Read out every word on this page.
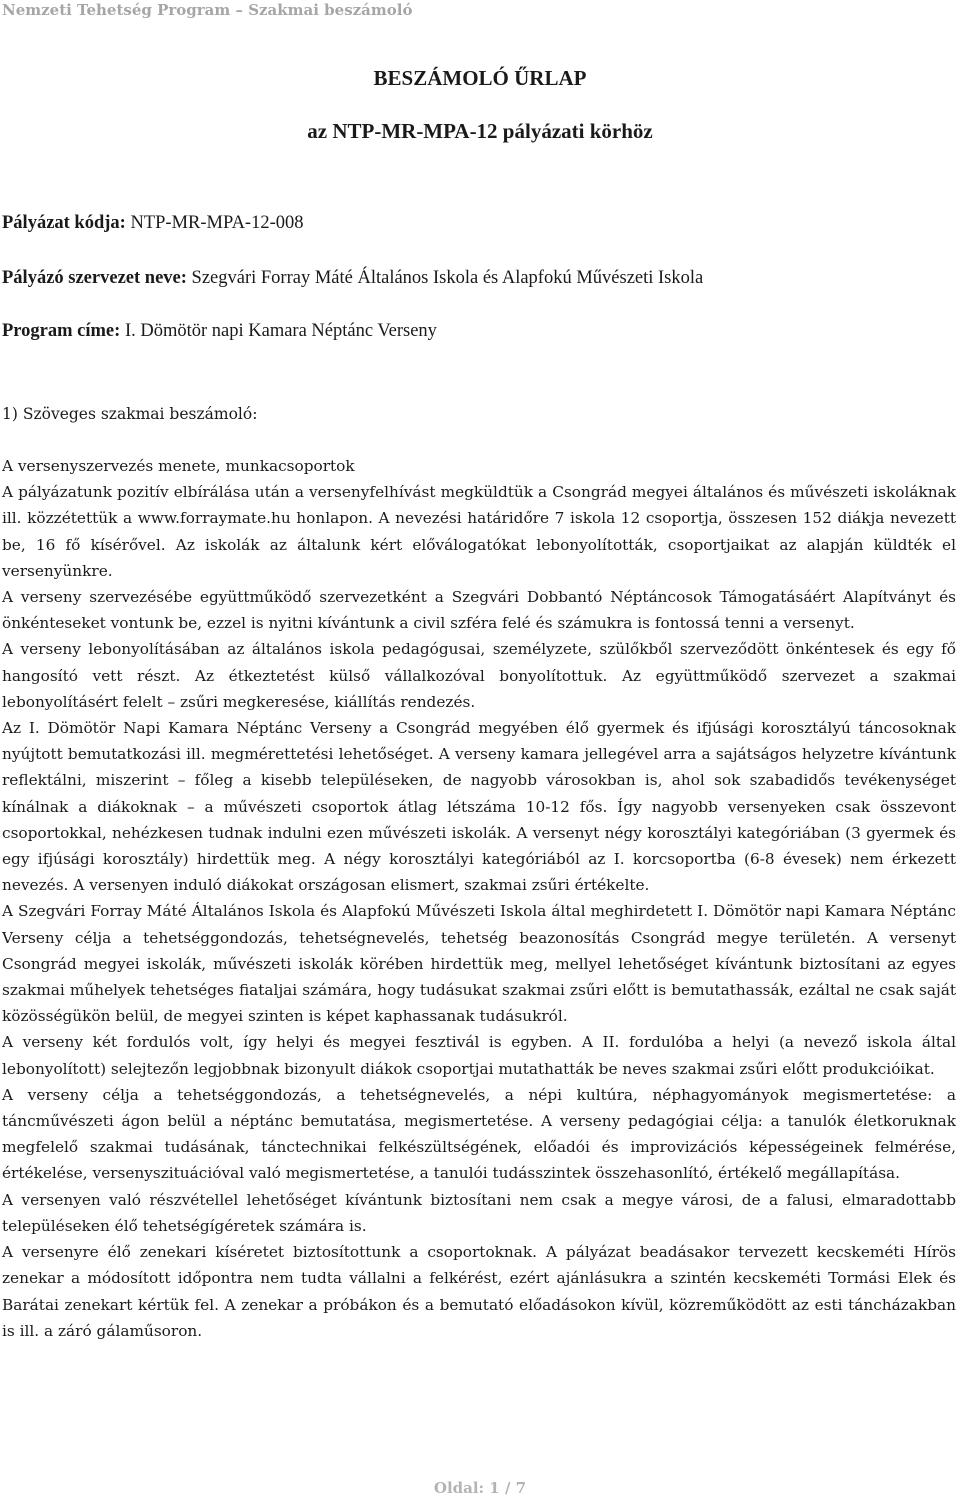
Nemzeti Tehetség Program – Szakmai beszámoló
BESZÁMOLÓ ŰRLAP
az NTP-MR-MPA-12 pályázati körhöz
Pályázat kódja: NTP-MR-MPA-12-008
Pályázó szervezet neve: Szegvári Forray Máté Általános Iskola és Alapfokú Művészeti Iskola
Program címe: I. Dömötör napi Kamara Néptánc Verseny
1) Szöveges szakmai beszámoló:

A versenyszervezés menete, munkacsoportok

A pályázatunk pozitív elbírálása után a versenyfelhívást megküldtük a Csongrád megyei általános és művészeti iskoláknak ill. közzétettük a www.forraymate.hu honlapon. A nevezési határidőre 7 iskola 12 csoportja, összesen 152 diákja nevezett be, 16 fő kísérővel. Az iskolák az általunk kért előválogatókat lebonyolították, csoportjaikat az alapján küldték el versenyünkre.

A verseny szervezésébe együttműködő szervezetként a Szegvári Dobbantó Néptáncosok Támogatásáért Alapítványt és önkénteseket vontunk be, ezzel is nyitni kívántunk a civil szféra felé és számukra is fontossá tenni a versenyt.

A verseny lebonyolításában az általános iskola pedagógusai, személyzete, szülőkből szerveződött önkéntesek és egy fő hangosító vett részt. Az étkeztetést külső vállalkozóval bonyolítottuk. Az együttműködő szervezet a szakmai lebonyolításért felelt – zsűri megkeresése, kiállítás rendezés.

Az I. Dömötör Napi Kamara Néptánc Verseny a Csongrád megyében élő gyermek és ifjúsági korosztályú táncosoknak nyújtott bemutatkozási ill. megmérettetési lehetőséget. A verseny kamara jellegével arra a sajátságos helyzetre kívántunk reflektálni, miszerint – főleg a kisebb településeken, de nagyobb városokban is, ahol sok szabadidős tevékenységet kínálnak a diákoknak – a művészeti csoportok átlag létszáma 10-12 fős. Így nagyobb versenyeken csak összevont csoportokkal, nehézkesen tudnak indulni ezen művészeti iskolák. A versenyt négy korosztályi kategóriában (3 gyermek és egy ifjúsági korosztály) hirdettük meg. A négy korosztályi kategóriából az I. korcsoportba (6-8 évesek) nem érkezett nevezés. A versenyen induló diákokat országosan elismert, szakmai zsűri értékelte.

A Szegvári Forray Máté Általános Iskola és Alapfokú Művészeti Iskola által meghirdetett I. Dömötör napi Kamara Néptánc Verseny célja a tehetséggondozás, tehetségnevelés, tehetség beazonosítás Csongrád megye területén. A versenyt Csongrád megyei iskolák, művészeti iskolák körében hirdettük meg, mellyel lehetőséget kívántunk biztosítani az egyes szakmai műhelyek tehetséges fiataljai számára, hogy tudásukat szakmai zsűri előtt is bemutathassák, ezáltal ne csak saját közösségükön belül, de megyei szinten is képet kaphassanak tudásukról.

A verseny két fordulós volt, így helyi és megyei fesztivál is egyben. A II. fordulóba a helyi (a nevező iskola által lebonyolított) selejtezőn legjobbnak bizonyult diákok csoportjai mutathatták be neves szakmai zsűri előtt produkcióikat.

A verseny célja a tehetséggondozás, a tehetségnevelés, a népi kultúra, néphagyományok megismertetése: a táncművészeti ágon belül a néptánc bemutatása, megismertetése. A verseny pedagógiai célja: a tanulók életkoruknak megfelelő szakmai tudásának, tánctechnikai felkészültségének, előadói és improvizációs képességeinek felmérése, értékelése, versenyszituációval való megismertetése, a tanulói tudásszintek összehasonlító, értékelő megállapítása.

A versenyen való részvétellel lehetőséget kívántunk biztosítani nem csak a megye városi, de a falusi, elmaradottabb településeken élő tehetségígéretek számára is.

A versenyre élő zenekari kíséretet biztosítottunk a csoportoknak. A pályázat beadásakor tervezett kecskeméti Hírös zenekar a módosított időpontra nem tudta vállalni a felkérést, ezért ajánlásukra a szintén kecskeméti Tormási Elek és Barátai zenekart kértük fel. A zenekar a próbákon és a bemutató előadásokon kívül, közreműködött az esti táncházakban is ill. a záró gálaműsoron.

Oldal: 1 / 7
